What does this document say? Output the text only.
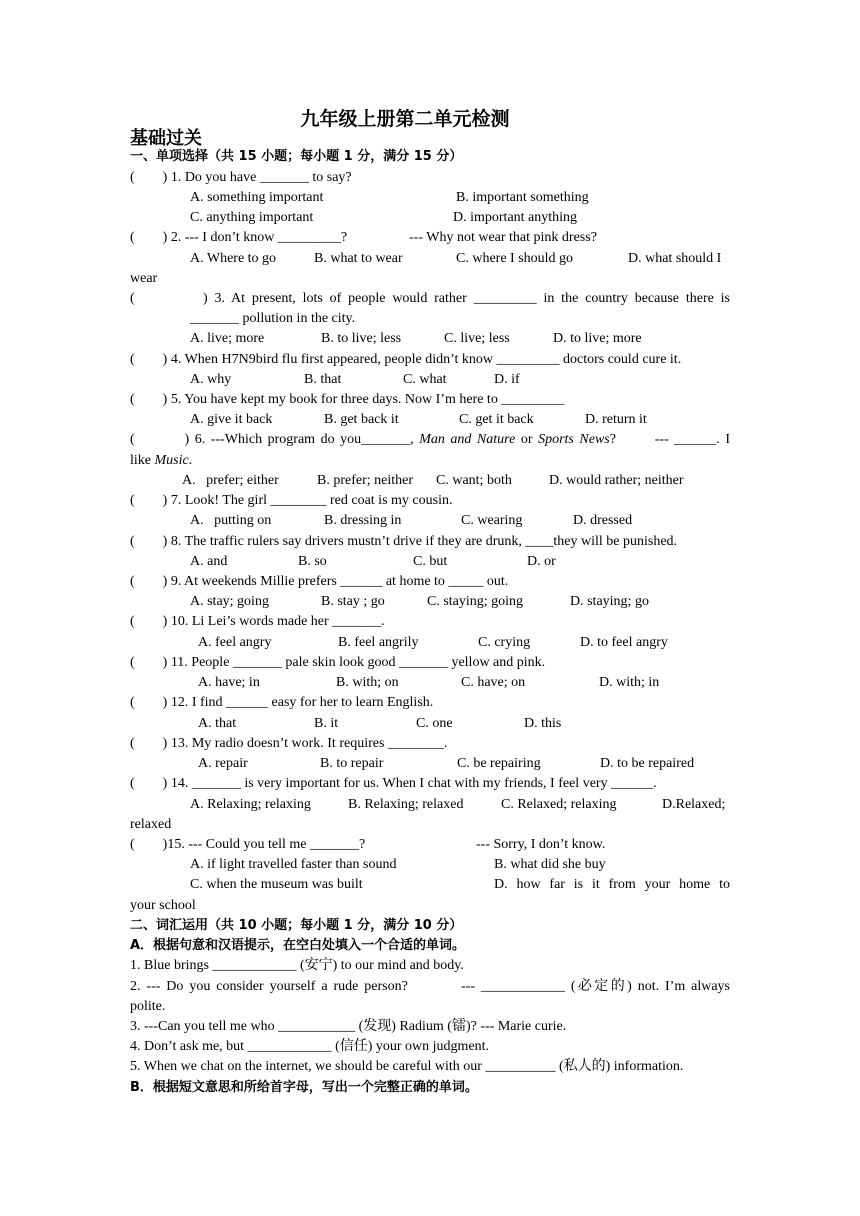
九年级上册第二单元检测
基础过关
一、单项选择（共 15 小题；每小题 1 分，满分 15 分）
(        ) 1. Do you have _______ to say?
A. something important	B. important something
C. anything important	D. important anything
(        ) 2. --- I don’t know _________?	--- Why not wear that pink dress?
A. Where to go	B. what to wear	C. where I should go	D. what should I
wear
(          ) 3. At present, lots of people would rather _________ in the country because there is
_______ pollution in the city.
A. live; more	B. to live; less	C. live; less	D. to live; more
(        ) 4. When H7N9bird flu first appeared, people didn’t know _________ doctors could cure it.
A. why	B. that	C. what	D. if
(        ) 5. You have kept my book for three days. Now I’m here to _________
A. give it back	B. get back it	C. get it back	D. return it
(         ) 6. ---Which program do you_______, Man and Nature or Sports News?       --- ______. I
like Music.
A.   prefer; either	B. prefer; neither C. want; both	D. would rather; neither
(        ) 7. Look! The girl ________ red coat is my cousin.
A.   putting on	B. dressing in	C. wearing	D. dressed
(        ) 8. The traffic rulers say drivers mustn’t drive if they are drunk, ____they will be punished.
A. and	B. so	C. but	D. or
(        ) 9. At weekends Millie prefers ______ at home to _____ out.
A. stay; going	B. stay ; go	C. staying; going	D. staying; go
(        ) 10. Li Lei’s words made her _______.
A. feel angry	B. feel angrily	C. crying	D. to feel angry
(        ) 11. People _______ pale skin look good _______ yellow and pink.
A. have; in	B. with; on	C. have; on	D. with; in
(        ) 12. I find ______ easy for her to learn English.
A. that	B. it	C. one	D. this
(        ) 13. My radio doesn’t work. It requires ________.
A. repair	B. to repair	C. be repairing	D. to be repaired
(        ) 14. _______ is very important for us. When I chat with my friends, I feel very ______.
A. Relaxing; relaxing	B. Relaxing; relaxed	C. Relaxed; relaxing	D.Relaxed;
relaxed
(        )15. --- Could you tell me _______?	--- Sorry, I don’t know.
A. if light travelled faster than sound	B. what did she buy
C. when the museum was built	D.  how  far  is  it  from  your  home  to
your school
二、词汇运用（共 10 小题；每小题 1 分，满分 10 分）
A．根据句意和汉语提示，在空白处填入一个合适的单词。
1. Blue brings ____________ (安宁) to our mind and body.
2. --- Do you consider yourself a rude person?         --- ____________ (必定的) not. I’m always
polite.
3. ---Can you tell me who ___________ (发现) Radium (镭)? --- Marie curie.
4. Don’t ask me, but ____________ (信任) your own judgment.
5. When we chat on the internet, we should be careful with our __________ (私人的) information.
B．根据短文意思和所给首字母，写出一个完整正确的单词。
